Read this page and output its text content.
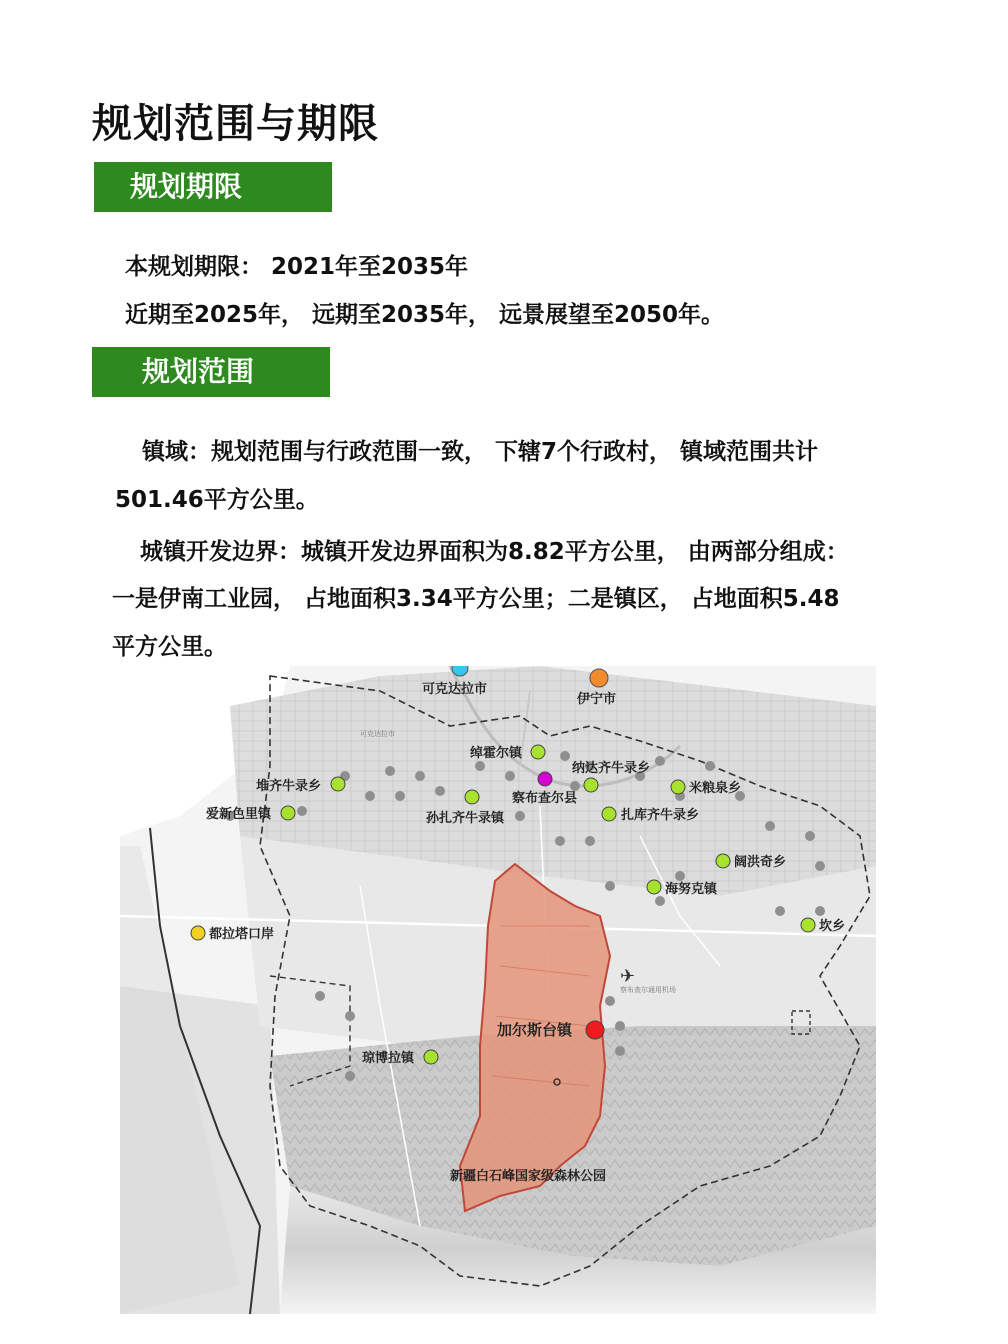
规划范围与期限
规划期限

本规划期限： 2021年至2035年

近期至2025年， 远期至2035年， 远景展望至2050年。

规划范围

镇域：规划范围与行政范围一致， 下辖7个行政村， 镇域范围共计

501.46平方公里。

城镇开发边界：城镇开发边界面积为8.82平方公里， 由两部分组成：

一是伊南工业园， 占地面积3.34平方公里；二是镇区， 占地面积5.48

平方公里。

✈
察布查尔通用机场
可克达拉市
可克达拉市
伊宁市
绰霍尔镇
堆齐牛录乡
纳达齐牛录乡
米粮泉乡
爱新色里镇
察布查尔县
孙扎齐牛录镇	扎库齐牛录乡
阔洪奇乡
海努克镇
都拉塔口岸
坎乡
加尔斯台镇
琼博拉镇
新疆白石峰国家级森林公园
